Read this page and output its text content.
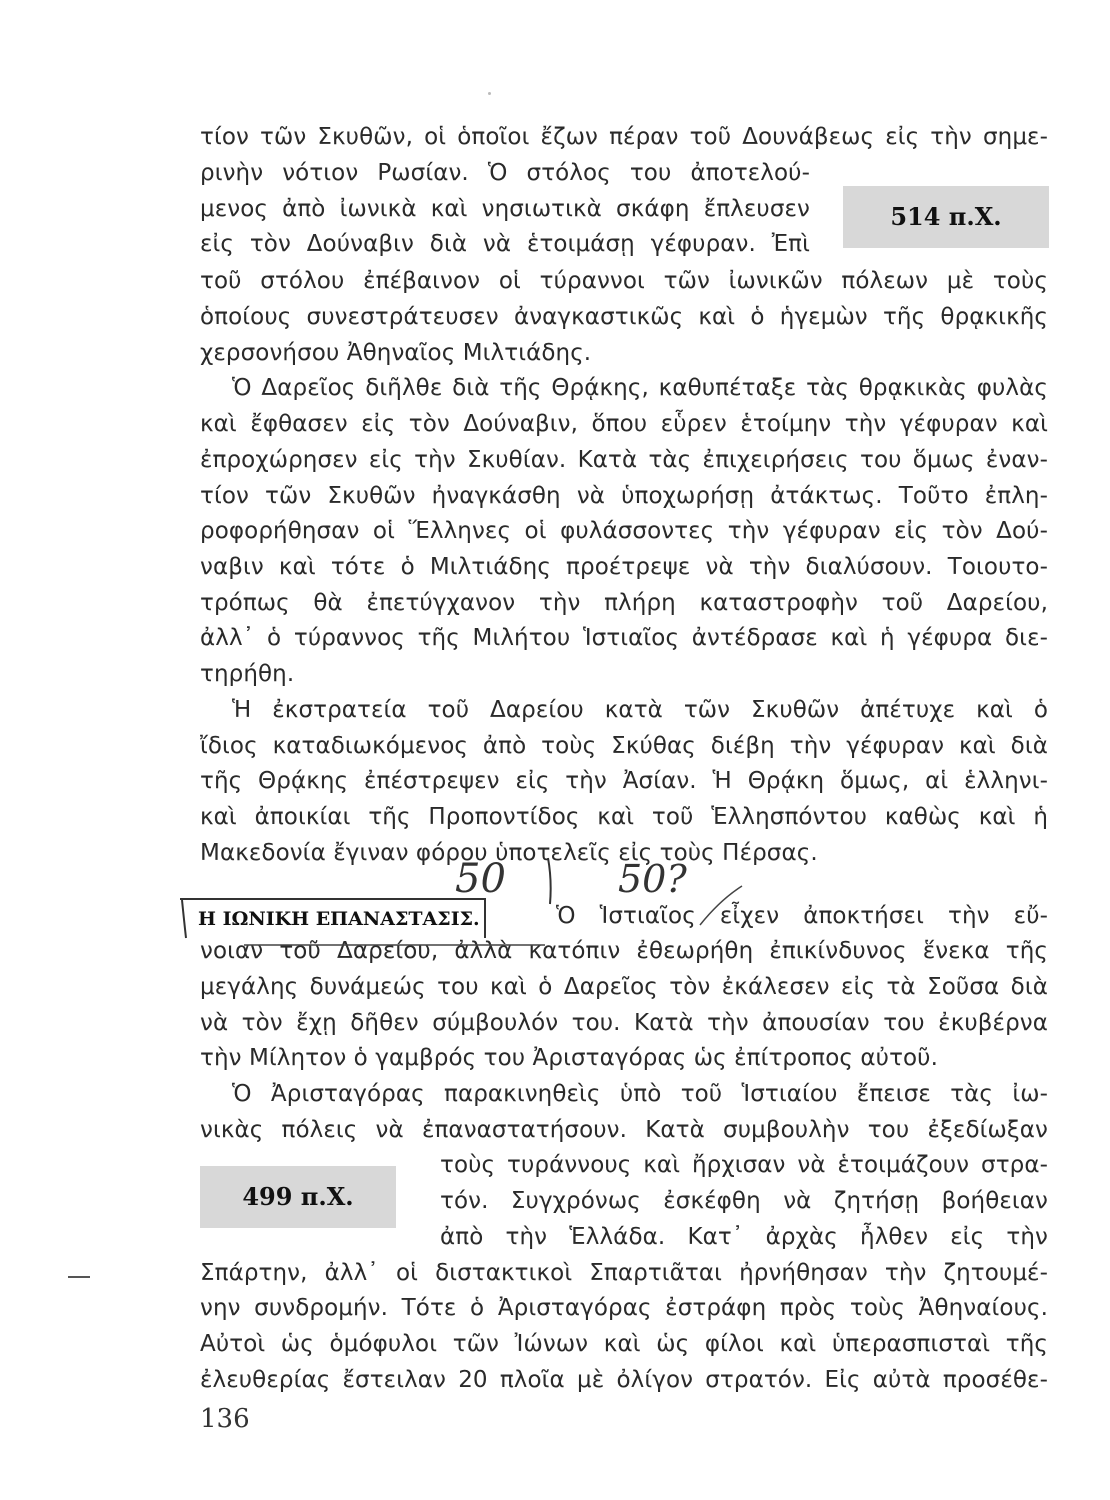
τίον τῶν Σκυθῶν, οἱ ὁποῖοι ἔζων πέραν τοῦ Δουνάβεως εἰς τὴν σημε-

ρινὴν νότιον Ρωσίαν. Ὁ στόλος του ἀποτελού-

μενος ἀπὸ ἰωνικὰ καὶ νησιωτικὰ σκάφη ἔπλευσεν

εἰς τὸν Δούναβιν διὰ νὰ ἑτοιμάσῃ γέφυραν. Ἐπὶ

τοῦ στόλου ἐπέβαινον οἱ τύραννοι τῶν ἰωνικῶν πόλεων μὲ τοὺς

ὁποίους συνεστράτευσεν ἀναγκαστικῶς καὶ ὁ ἡγεμὼν τῆς θρᾳκικῆς

χερσονήσου Ἀθηναῖος Μιλτιάδης.

Ὁ Δαρεῖος διῆλθε διὰ τῆς Θρᾴκης, καθυπέταξε τὰς θρᾳκικὰς φυλὰς

καὶ ἔφθασεν εἰς τὸν Δούναβιν, ὅπου εὗρεν ἑτοίμην τὴν γέφυραν καὶ

ἐπροχώρησεν εἰς τὴν Σκυθίαν. Κατὰ τὰς ἐπιχειρήσεις του ὅμως ἐναν-

τίον τῶν Σκυθῶν ἠναγκάσθη νὰ ὑποχωρήσῃ ἀτάκτως. Τοῦτο ἐπλη-

ροφορήθησαν οἱ Ἕλληνες οἱ φυλάσσοντες τὴν γέφυραν εἰς τὸν Δού-

ναβιν καὶ τότε ὁ Μιλτιάδης προέτρεψε νὰ τὴν διαλύσουν. Τοιουτο-

τρόπως θὰ ἐπετύγχανον τὴν πλήρη καταστροφὴν τοῦ Δαρείου,

ἀλλ᾽ ὁ τύραννος τῆς Μιλήτου Ἱστιαῖος ἀντέδρασε καὶ ἡ γέφυρα διε-

τηρήθη.

Ἡ ἐκστρατεία τοῦ Δαρείου κατὰ τῶν Σκυθῶν ἀπέτυχε καὶ ὁ

ἴδιος καταδιωκόμενος ἀπὸ τοὺς Σκύθας διέβη τὴν γέφυραν καὶ διὰ

τῆς Θρᾴκης ἐπέστρεψεν εἰς τὴν Ἀσίαν. Ἡ Θρᾴκη ὅμως, αἱ ἑλληνι-

καὶ ἀποικίαι τῆς Προποντίδος καὶ τοῦ Ἑλλησπόντου καθὼς καὶ ἡ

Μακεδονία ἔγιναν φόρου ὑποτελεῖς εἰς τοὺς Πέρσας.

Ὁ Ἱστιαῖος εἶχεν ἀποκτήσει τὴν εὔ-

νοιαν τοῦ Δαρείου, ἀλλὰ κατόπιν ἐθεωρήθη ἐπικίνδυνος ἕνεκα τῆς

μεγάλης δυνάμεώς του καὶ ὁ Δαρεῖος τὸν ἐκάλεσεν εἰς τὰ Σοῦσα διὰ

νὰ τὸν ἔχῃ δῆθεν σύμβουλόν του. Κατὰ τὴν ἀπουσίαν του ἐκυβέρνα

τὴν Μίλητον ὁ γαμβρός του Ἀρισταγόρας ὡς ἐπίτροπος αὐτοῦ.

Ὁ Ἀρισταγόρας παρακινηθεὶς ὑπὸ τοῦ Ἱστιαίου ἔπεισε τὰς ἰω-

νικὰς πόλεις νὰ ἐπαναστατήσουν. Κατὰ συμβουλὴν του ἐξεδίωξαν

τοὺς τυράννους καὶ ἤρχισαν νὰ ἑτοιμάζουν στρα-

τόν. Συγχρόνως ἐσκέφθη νὰ ζητήσῃ βοήθειαν

ἀπὸ τὴν Ἑλλάδα. Κατ᾽ ἀρχὰς ἦλθεν εἰς τὴν

Σπάρτην, ἀλλ᾽ οἱ διστακτικοὶ Σπαρτιᾶται ἠρνήθησαν τὴν ζητουμέ-

νην συνδρομήν. Τότε ὁ Ἀρισταγόρας ἐστράφη πρὸς τοὺς Ἀθηναίους.

Αὐτοὶ ὡς ὁμόφυλοι τῶν Ἰώνων καὶ ὡς φίλοι καὶ ὑπερασπισταὶ τῆς

ἐλευθερίας ἔστειλαν 20 πλοῖα μὲ ὀλίγον στρατόν. Εἰς αὐτὰ προσέθε-

514 π.Χ.
499 π.Χ.
Η ΙΩΝΙΚΗ ΕΠΑΝΑΣΤΑΣΙΣ.
50	50?
136
